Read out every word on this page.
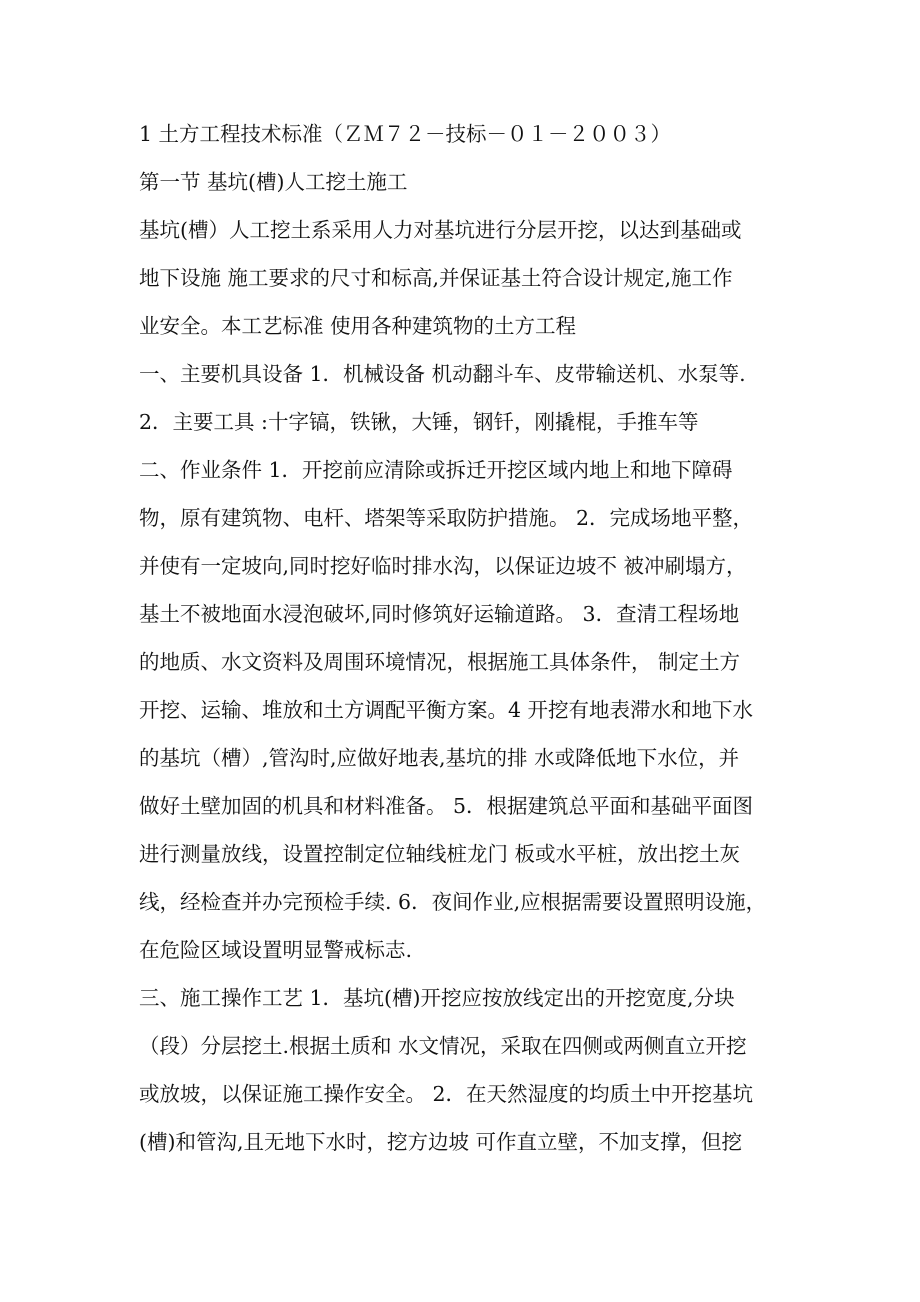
1 土方工程技术标准（ＺＭ７２－技标－０１－２００３）
第一节 基坑(槽)人工挖土施工
基坑(槽）人工挖土系采用人力对基坑进行分层开挖，以达到基础或
地下设施 施工要求的尺寸和标高,并保证基土符合设计规定,施工作
业安全。本工艺标准 使用各种建筑物的土方工程
一、主要机具设备 1．机械设备 机动翻斗车、皮带输送机、水泵等.
2．主要工具 :十字镐，铁锹，大锤，钢钎，刚撬棍，手推车等
二、作业条件 1．开挖前应清除或拆迁开挖区域内地上和地下障碍
物，原有建筑物、电杆、塔架等采取防护措施。 2．完成场地平整，
并使有一定坡向,同时挖好临时排水沟，以保证边坡不 被冲刷塌方，
基土不被地面水浸泡破坏,同时修筑好运输道路。 3．查清工程场地
的地质、水文资料及周围环境情况，根据施工具体条件， 制定土方
开挖、运输、堆放和土方调配平衡方案。4 开挖有地表滞水和地下水
的基坑（槽）,管沟时,应做好地表,基坑的排 水或降低地下水位，并
做好土壁加固的机具和材料准备。 5．根据建筑总平面和基础平面图
进行测量放线，设置控制定位轴线桩龙门 板或水平桩，放出挖土灰
线，经检查并办完预检手续. 6．夜间作业,应根据需要设置照明设施，
在危险区域设置明显警戒标志.
三、施工操作工艺 1．基坑(槽)开挖应按放线定出的开挖宽度,分块
（段）分层挖土.根据土质和 水文情况，采取在四侧或两侧直立开挖
或放坡，以保证施工操作安全。 2．在天然湿度的均质土中开挖基坑
(槽)和管沟,且无地下水时，挖方边坡 可作直立壁，不加支撑，但挖
